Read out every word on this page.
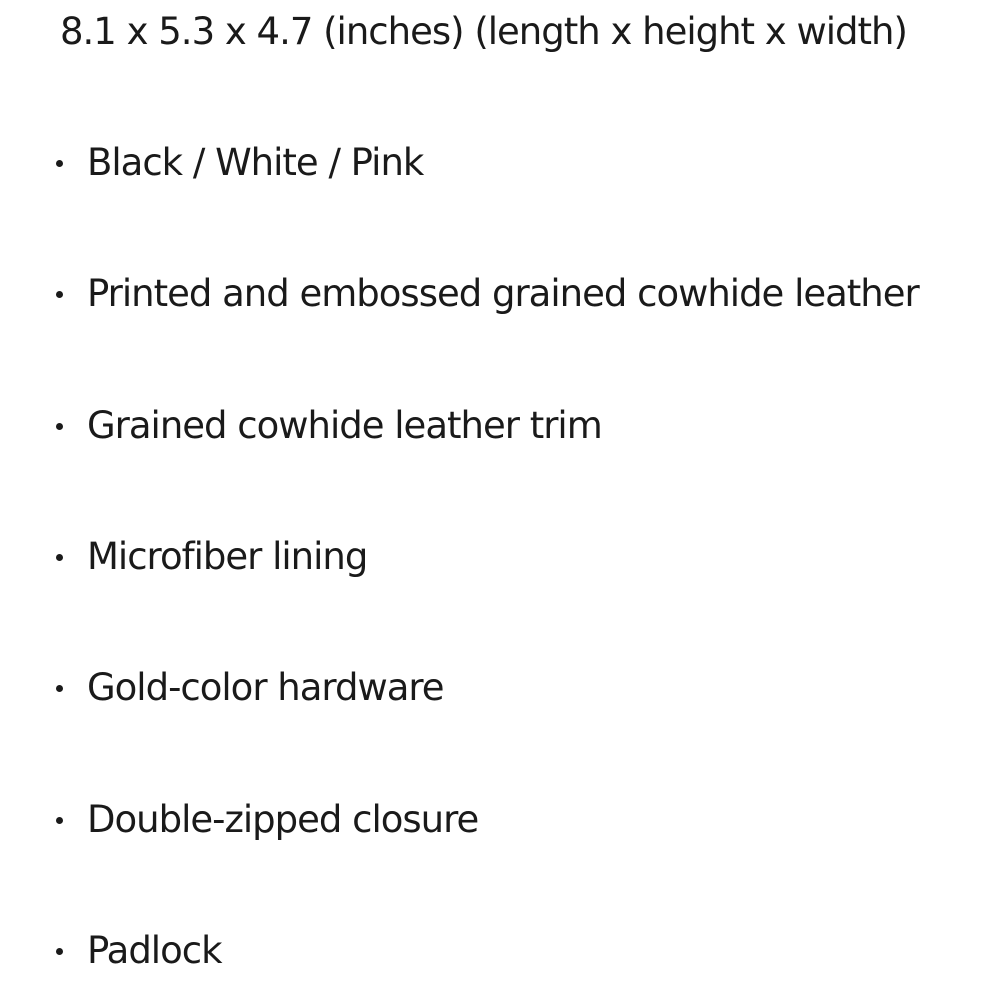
8.1 x 5.3 x 4.7 (inches) (length x height x width)
Black / White / Pink
Printed and embossed grained cowhide leather
Grained cowhide leather trim
Microfiber lining
Gold-color hardware
Double-zipped closure
Padlock
